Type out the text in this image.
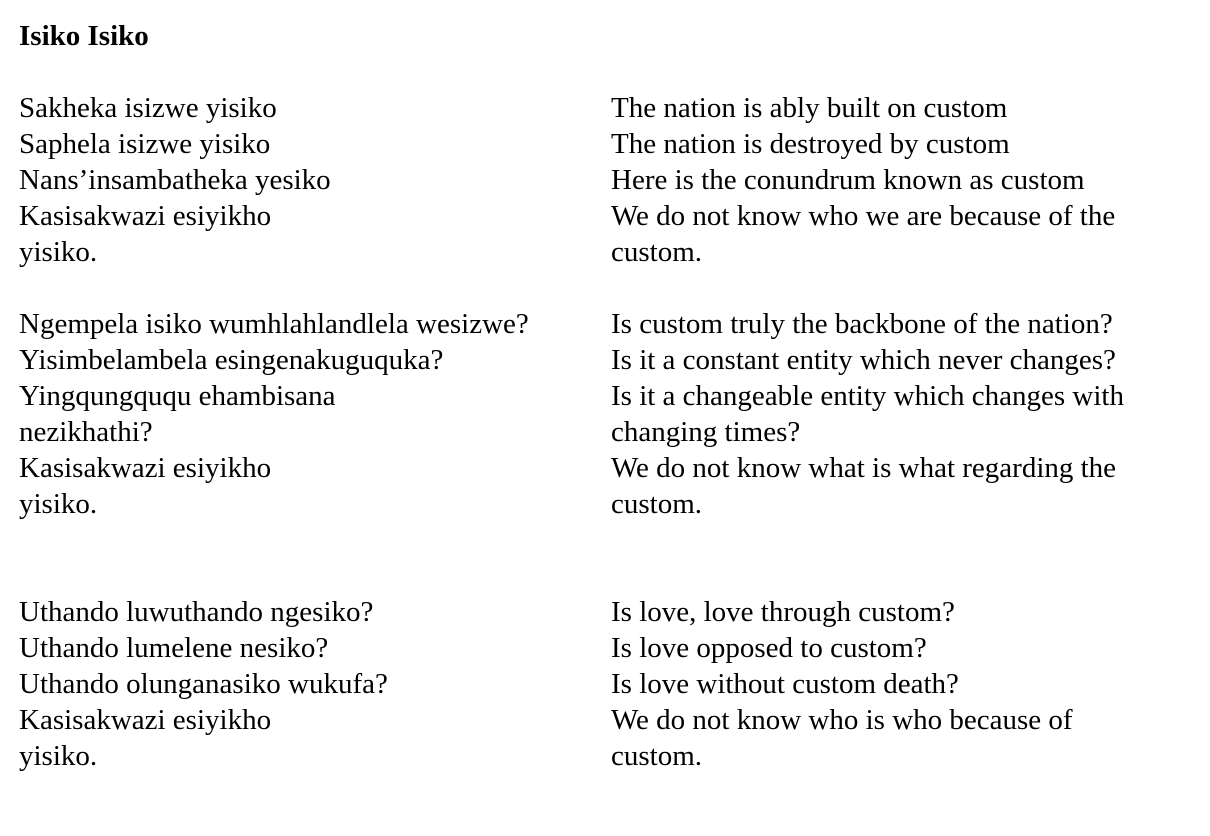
Isiko Isiko
Sakheka isizwe yisiko
Saphela isizwe yisiko
Nans’insambatheka yesiko
Kasisakwazi esiyikho
yisiko.
The nation is ably built on custom
The nation is destroyed by custom
Here is the conundrum known as custom
We do not know who we are because of the
custom.
Ngempela isiko wumhlahlandlela wesizwe?
Yisimbelambela esingenakuguquka?
Yingqungququ ehambisana
nezikhathi?
Kasisakwazi esiyikho
yisiko.
Is custom truly the backbone of the nation?
Is it a constant entity which never changes?
Is it a changeable entity which changes with
changing times?
We do not know what is what regarding the
custom.
Uthando luwuthando ngesiko?
Uthando lumelene nesiko?
Uthando olunganasiko wukufa?
Kasisakwazi esiyikho
yisiko.
Is love, love through custom?
Is love opposed to custom?
Is love without custom death?
We do not know who is who because of
custom.
